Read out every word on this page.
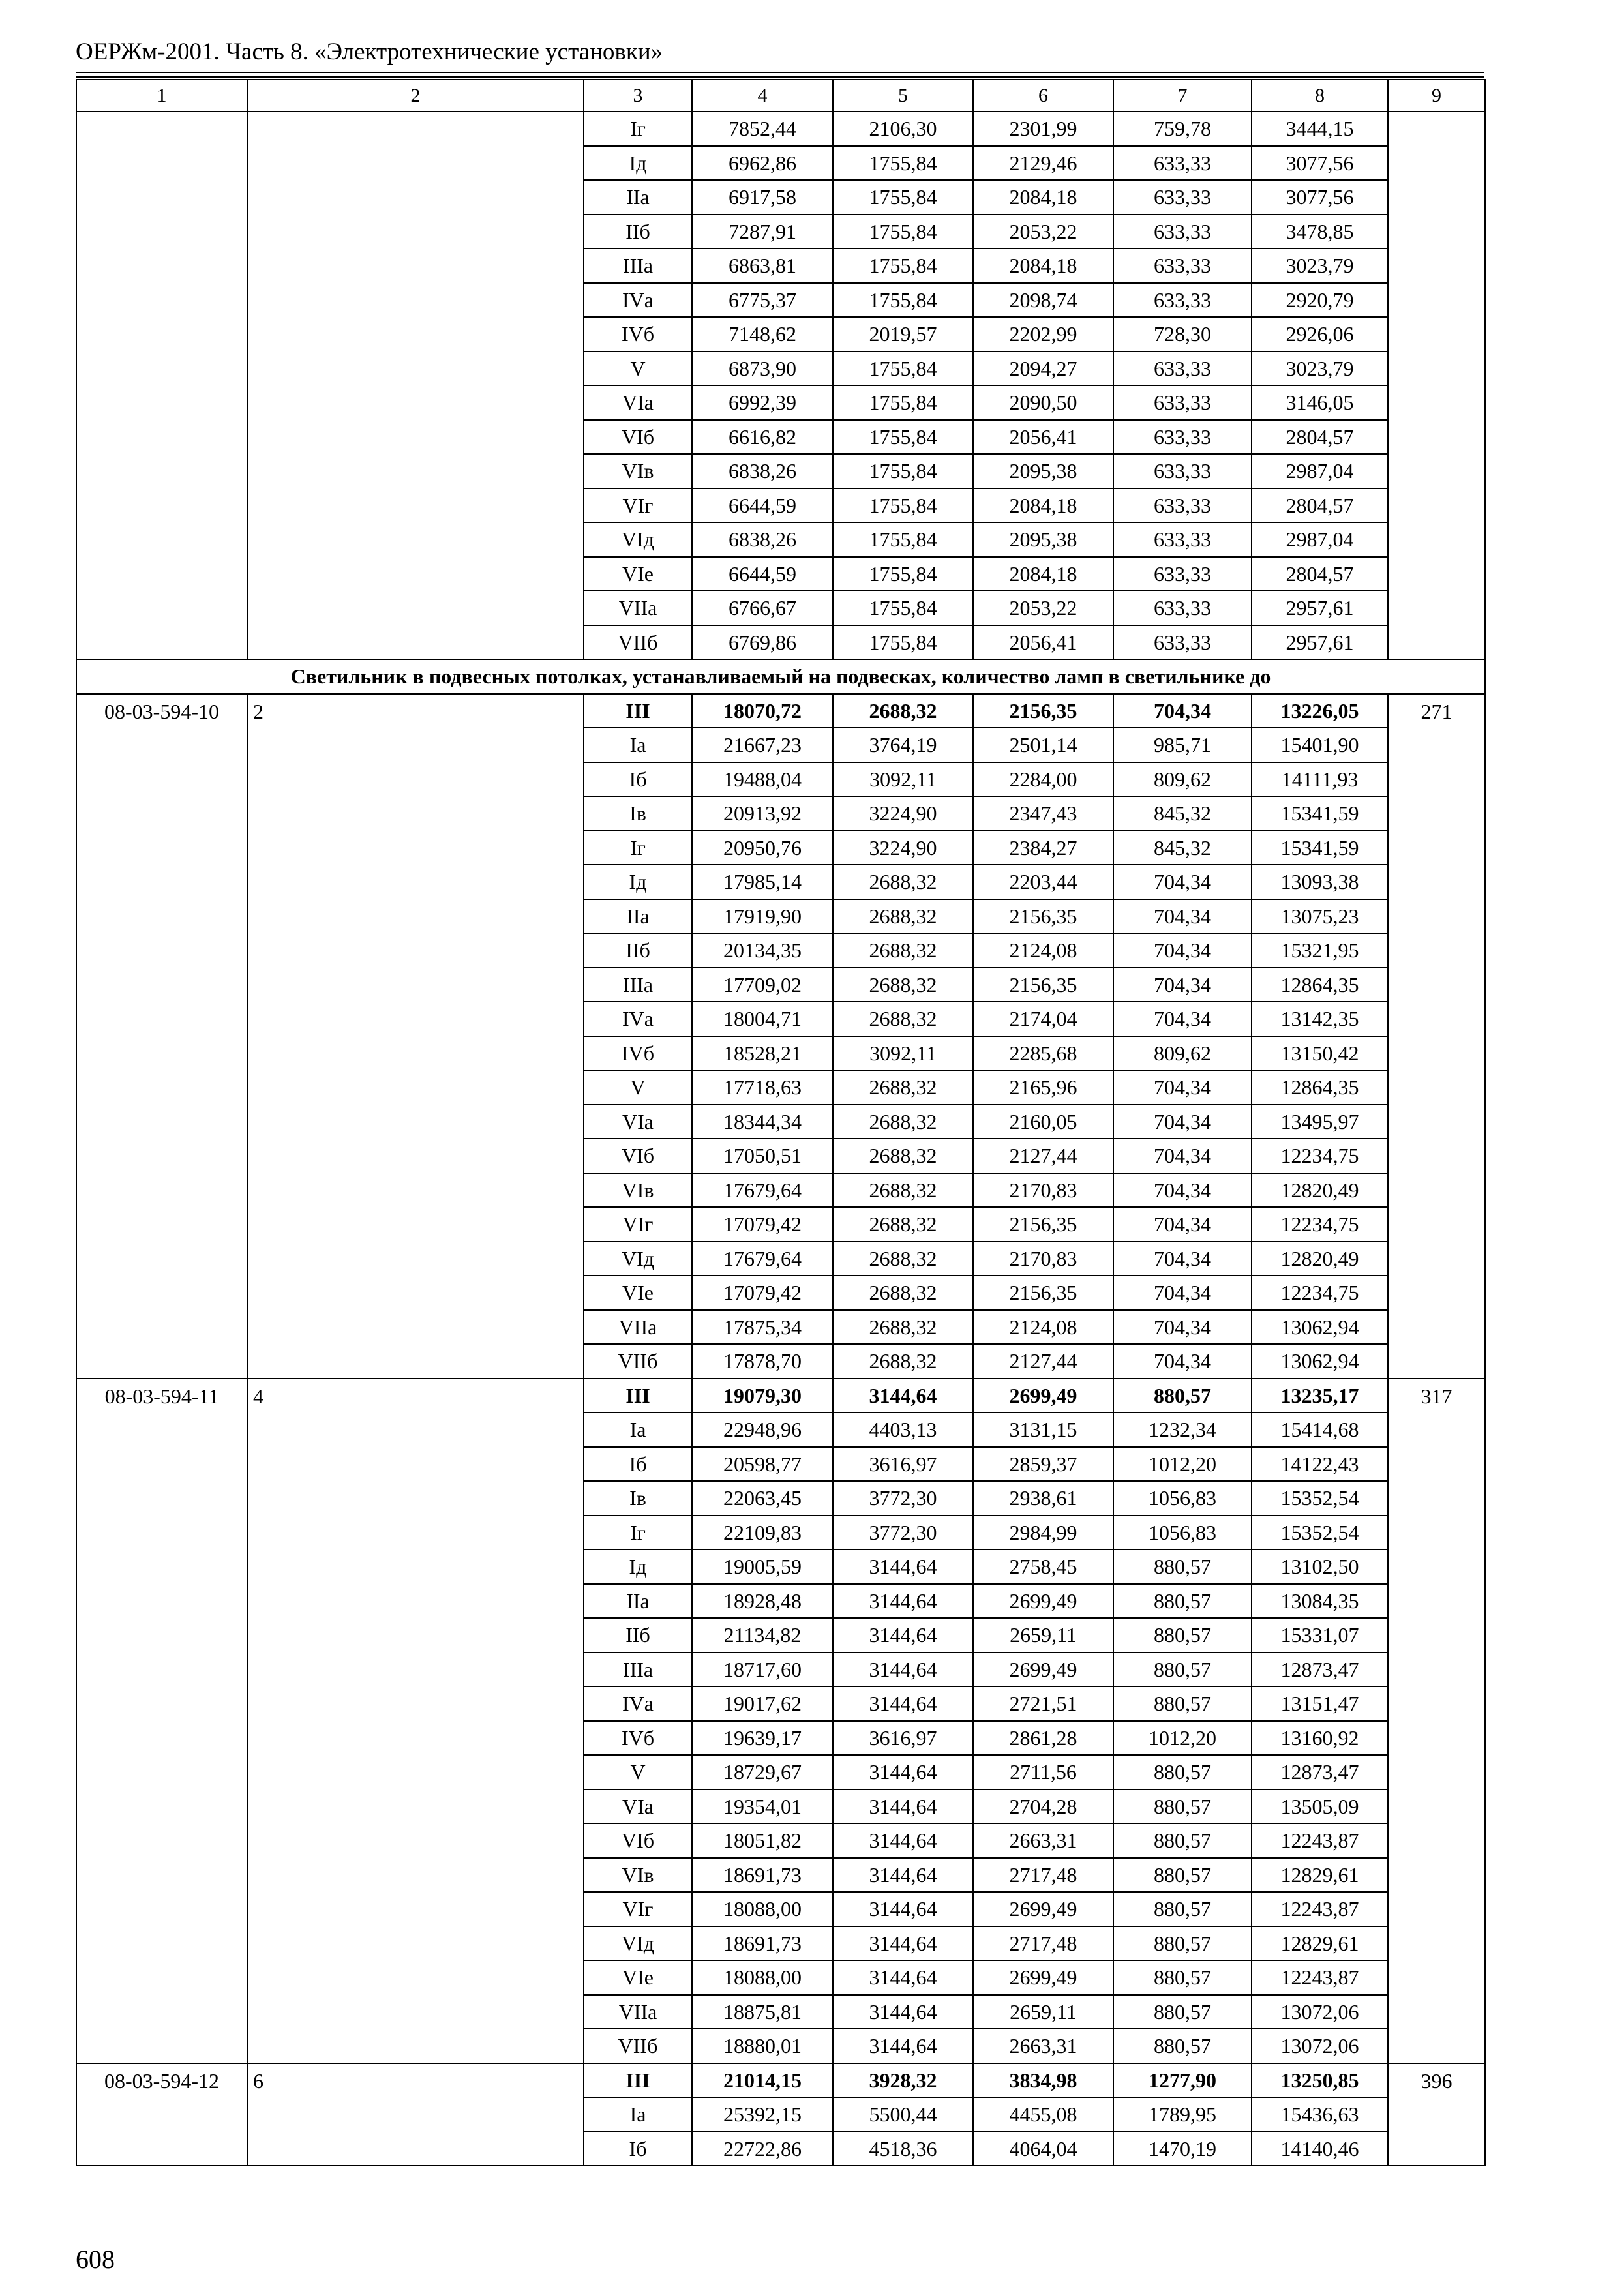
ОЕРЖм-2001. Часть 8. «Электротехнические установки»
1	2	3	4	5	6	7	8	9
		Iг	7852,44	2106,30	2301,99	759,78	3444,15	
		Iд	6962,86	1755,84	2129,46	633,33	3077,56	
		IIа	6917,58	1755,84	2084,18	633,33	3077,56	
		IIб	7287,91	1755,84	2053,22	633,33	3478,85	
		IIIа	6863,81	1755,84	2084,18	633,33	3023,79	
		IVа	6775,37	1755,84	2098,74	633,33	2920,79	
		IVб	7148,62	2019,57	2202,99	728,30	2926,06	
		V	6873,90	1755,84	2094,27	633,33	3023,79	
		VIа	6992,39	1755,84	2090,50	633,33	3146,05	
		VIб	6616,82	1755,84	2056,41	633,33	2804,57	
		VIв	6838,26	1755,84	2095,38	633,33	2987,04	
		VIг	6644,59	1755,84	2084,18	633,33	2804,57	
		VIд	6838,26	1755,84	2095,38	633,33	2987,04	
		VIе	6644,59	1755,84	2084,18	633,33	2804,57	
		VIIа	6766,67	1755,84	2053,22	633,33	2957,61	
		VIIб	6769,86	1755,84	2056,41	633,33	2957,61	
Светильник в подвесных потолках, устанавливаемый на подвесках, количество ламп в светильнике до								
08-03-594-10	2	III	18070,72	2688,32	2156,35	704,34	13226,05	271
		Iа	21667,23	3764,19	2501,14	985,71	15401,90	
		Iб	19488,04	3092,11	2284,00	809,62	14111,93	
		Iв	20913,92	3224,90	2347,43	845,32	15341,59	
		Iг	20950,76	3224,90	2384,27	845,32	15341,59	
		Iд	17985,14	2688,32	2203,44	704,34	13093,38	
		IIа	17919,90	2688,32	2156,35	704,34	13075,23	
		IIб	20134,35	2688,32	2124,08	704,34	15321,95	
		IIIа	17709,02	2688,32	2156,35	704,34	12864,35	
		IVа	18004,71	2688,32	2174,04	704,34	13142,35	
		IVб	18528,21	3092,11	2285,68	809,62	13150,42	
		V	17718,63	2688,32	2165,96	704,34	12864,35	
		VIа	18344,34	2688,32	2160,05	704,34	13495,97	
		VIб	17050,51	2688,32	2127,44	704,34	12234,75	
		VIв	17679,64	2688,32	2170,83	704,34	12820,49	
		VIг	17079,42	2688,32	2156,35	704,34	12234,75	
		VIд	17679,64	2688,32	2170,83	704,34	12820,49	
		VIе	17079,42	2688,32	2156,35	704,34	12234,75	
		VIIа	17875,34	2688,32	2124,08	704,34	13062,94	
		VIIб	17878,70	2688,32	2127,44	704,34	13062,94	
08-03-594-11	4	III	19079,30	3144,64	2699,49	880,57	13235,17	317
		Iа	22948,96	4403,13	3131,15	1232,34	15414,68	
		Iб	20598,77	3616,97	2859,37	1012,20	14122,43	
		Iв	22063,45	3772,30	2938,61	1056,83	15352,54	
		Iг	22109,83	3772,30	2984,99	1056,83	15352,54	
		Iд	19005,59	3144,64	2758,45	880,57	13102,50	
		IIа	18928,48	3144,64	2699,49	880,57	13084,35	
		IIб	21134,82	3144,64	2659,11	880,57	15331,07	
		IIIа	18717,60	3144,64	2699,49	880,57	12873,47	
		IVа	19017,62	3144,64	2721,51	880,57	13151,47	
		IVб	19639,17	3616,97	2861,28	1012,20	13160,92	
		V	18729,67	3144,64	2711,56	880,57	12873,47	
		VIа	19354,01	3144,64	2704,28	880,57	13505,09	
		VIб	18051,82	3144,64	2663,31	880,57	12243,87	
		VIв	18691,73	3144,64	2717,48	880,57	12829,61	
		VIг	18088,00	3144,64	2699,49	880,57	12243,87	
		VIд	18691,73	3144,64	2717,48	880,57	12829,61	
		VIе	18088,00	3144,64	2699,49	880,57	12243,87	
		VIIа	18875,81	3144,64	2659,11	880,57	13072,06	
		VIIб	18880,01	3144,64	2663,31	880,57	13072,06	
08-03-594-12	6	III	21014,15	3928,32	3834,98	1277,90	13250,85	396
		Iа	25392,15	5500,44	4455,08	1789,95	15436,63	
		Iб	22722,86	4518,36	4064,04	1470,19	14140,46	
608
